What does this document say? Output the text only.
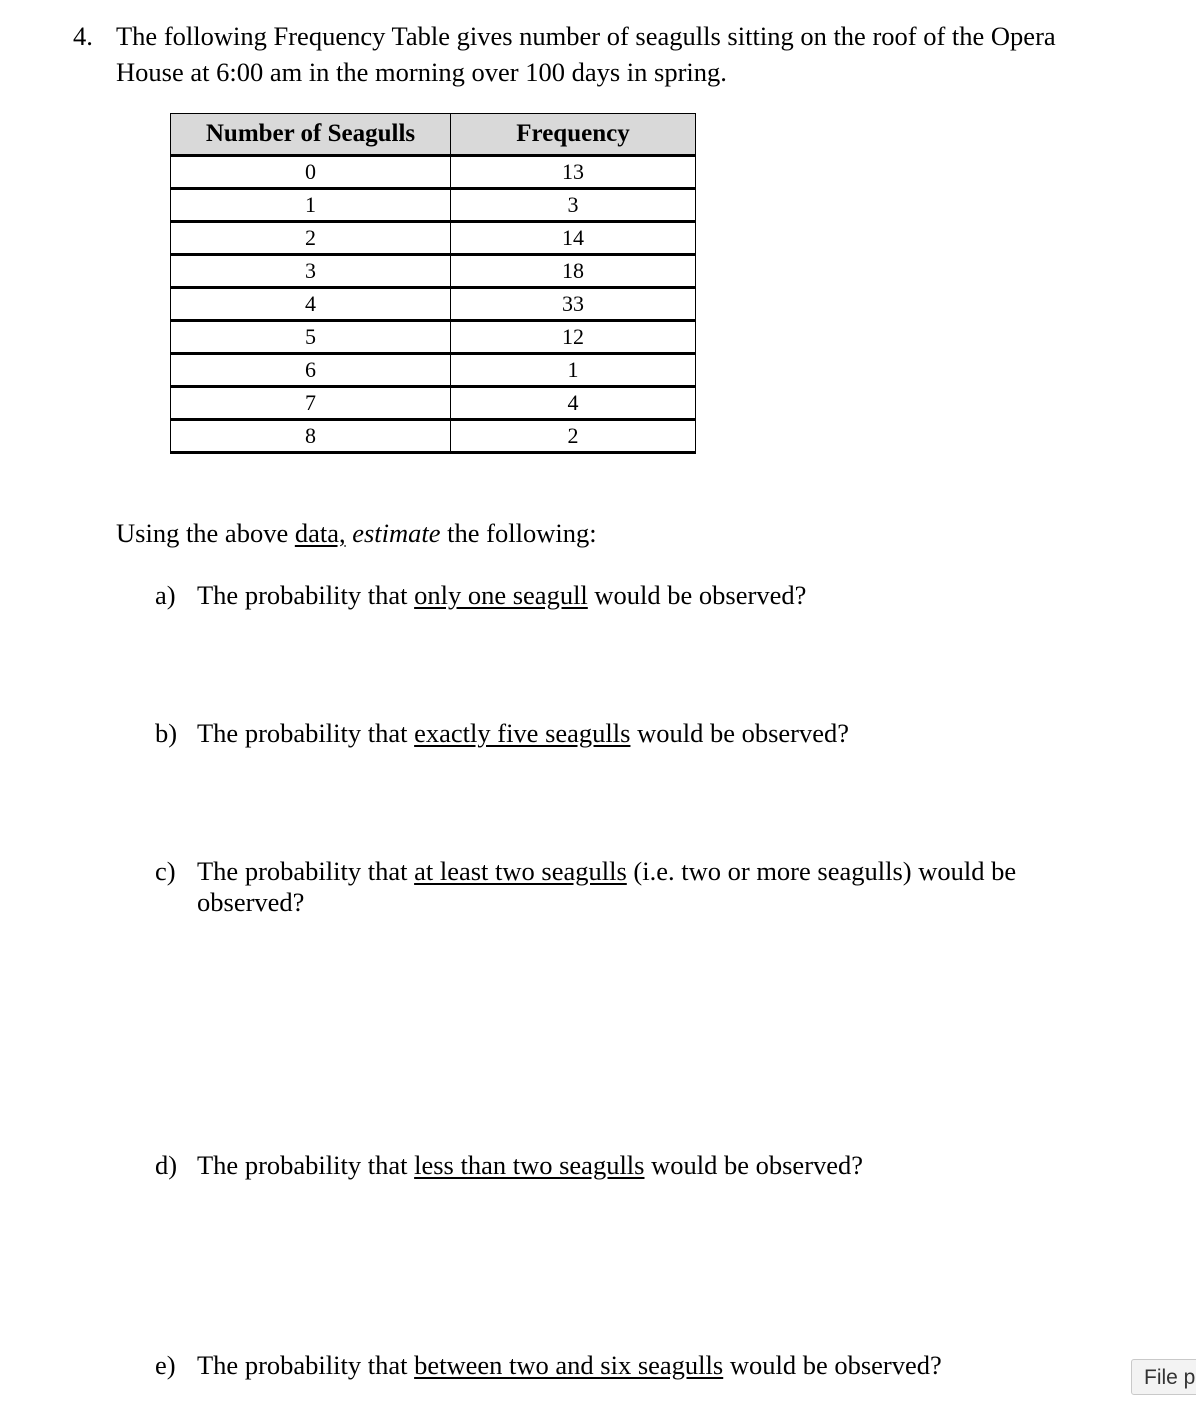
4. The following Frequency Table gives number of seagulls sitting on the roof of the Opera
House at 6:00 am in the morning over 100 days in spring.
Number of Seagulls	Frequency
0	13
1	3
2	14
3	18
4	33
5	12
6	1
7	4
8	2
Using the above data, estimate the following:
a) The probability that only one seagull would be observed?
b) The probability that exactly five seagulls would be observed?
c) The probability that at least two seagulls (i.e. two or more seagulls) would be
observed?
d) The probability that less than two seagulls would be observed?
e) The probability that between two and six seagulls would be observed?	File p
